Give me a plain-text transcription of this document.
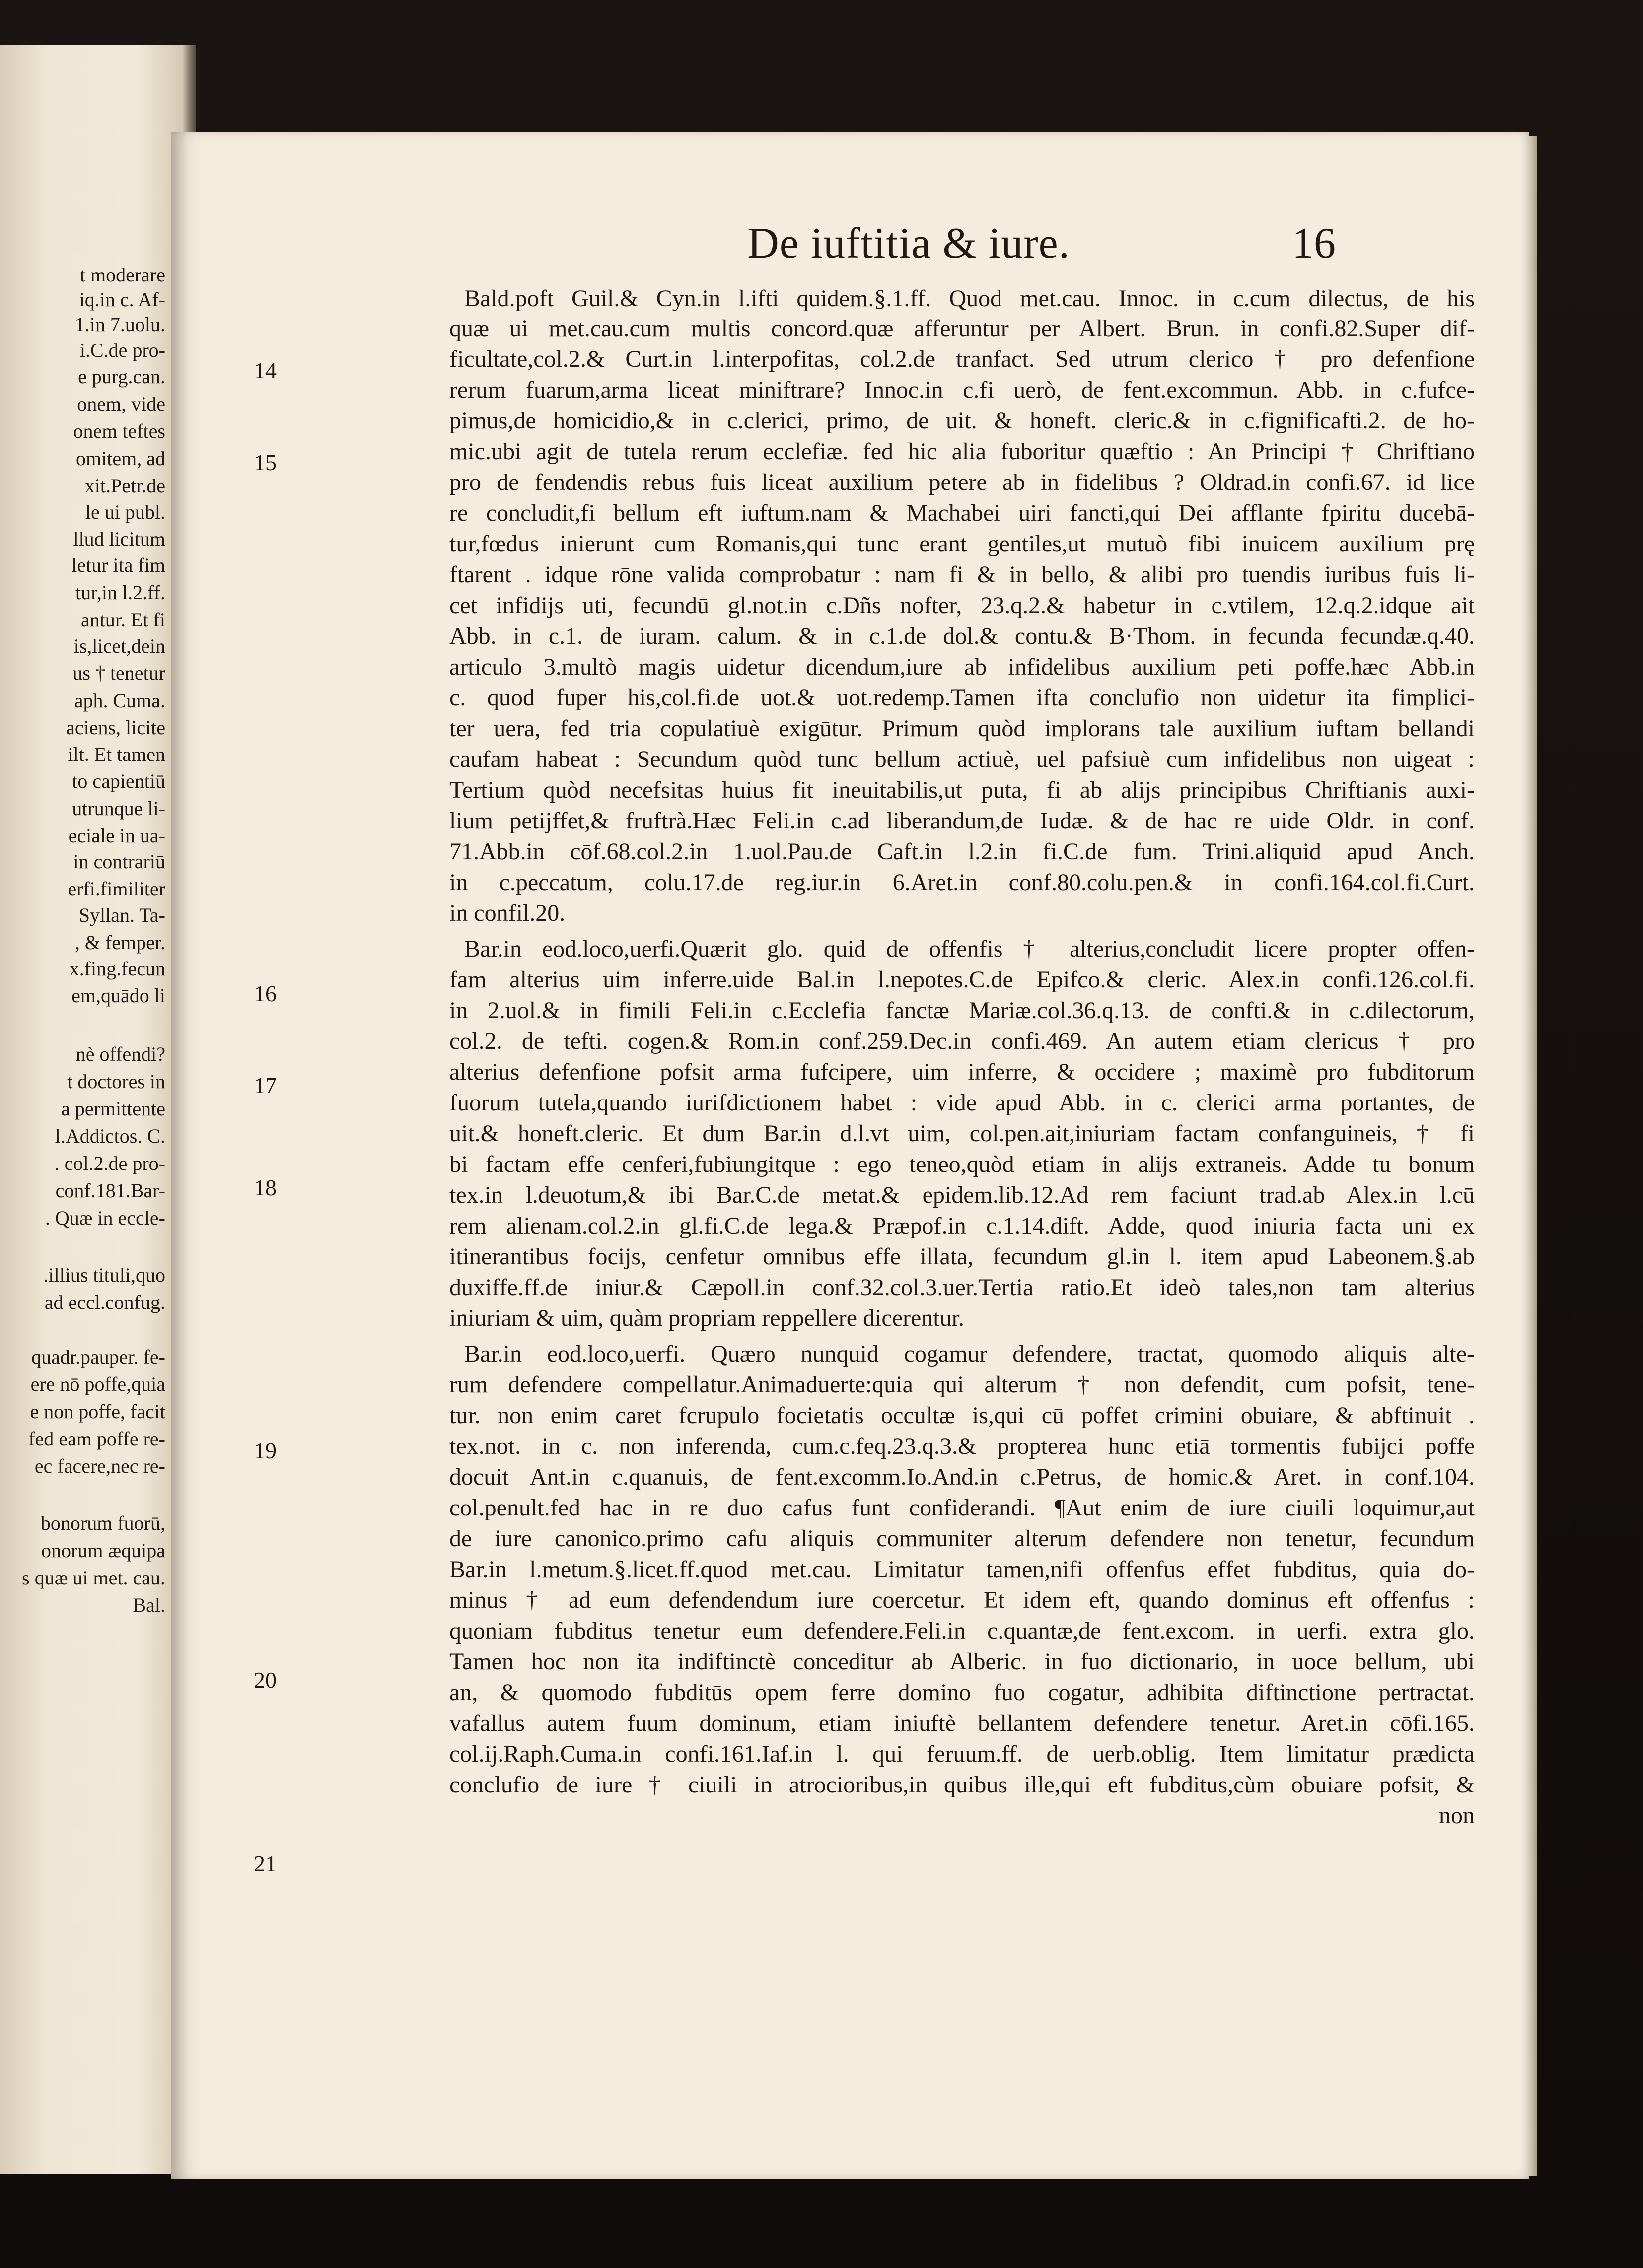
t moderare
iq.in c. Af-
1.in 7.uolu.
i.C.de pro-
e purg.can.
onem, vide
onem teftes
omitem, ad
xit.Petr.de
le ui publ.
llud licitum
letur ita fim
tur,in l.2.ff.
antur. Et fi
is,licet,dein
us † tenetur
aph. Cuma.
aciens, licite
ilt. Et tamen
to capientiū
utrunque li-
eciale in ua-
in contrariū
erfi.fimiliter
Syllan. Ta-
, & femper.
x.fing.fecun
em,quādo li
nè offendi?
t doctores in
a permittente
l.Addictos. C.
. col.2.de pro-
conf.181.Bar-
. Quæ in eccle-
.illius tituli,quo
ad eccl.confug.
quadr.pauper. fe-
ere nō poffe,quia
e non poffe, facit
fed eam poffe re-
ec facere,nec re-
bonorum fuorū,
onorum æquipa
s quæ ui met. cau.
Bal.
De iuftitia & iure.	16
14
15
16
17
18
19
20
21
Bald.poft Guil.& Cyn.in l.ifti quidem.§.1.ff. Quod met.cau. Innoc. in c.cum dilectus, de his
quæ ui met.cau.cum multis concord.quæ afferuntur per Albert. Brun. in confi.82.Super dif-
ficultate,col.2.& Curt.in l.interpofitas, col.2.de tranfact. Sed utrum clerico † pro defenfione
rerum fuarum,arma liceat miniftrare? Innoc.in c.fi uerò, de fent.excommun. Abb. in c.fufce-
pimus,de homicidio,& in c.clerici, primo, de uit. & honeft. cleric.& in c.fignificafti.2. de ho-
mic.ubi agit de tutela rerum ecclefiæ. fed hic alia fuboritur quæftio : An Principi † Chriftiano
pro de fendendis rebus fuis liceat auxilium petere ab in fidelibus ? Oldrad.in confi.67. id lice
re concludit,fi bellum eft iuftum.nam & Machabei uiri fancti,qui Dei afflante fpiritu ducebā-
tur,fœdus inierunt cum Romanis,qui tunc erant gentiles,ut mutuò fibi inuicem auxilium prę
ftarent . idque rōne valida comprobatur : nam fi & in bello, & alibi pro tuendis iuribus fuis li-
cet infidijs uti, fecundū gl.not.in c.Dñs nofter, 23.q.2.& habetur in c.vtilem, 12.q.2.idque ait
Abb. in c.1. de iuram. calum. & in c.1.de dol.& contu.& B·Thom. in fecunda fecundæ.q.40.
articulo 3.multò magis uidetur dicendum,iure ab infidelibus auxilium peti poffe.hæc Abb.in
c. quod fuper his,col.fi.de uot.& uot.redemp.Tamen ifta conclufio non uidetur ita fimplici-
ter uera, fed tria copulatiuè exigūtur. Primum quòd implorans tale auxilium iuftam bellandi
caufam habeat : Secundum quòd tunc bellum actiuè, uel pafsiuè cum infidelibus non uigeat :
Tertium quòd necefsitas huius fit ineuitabilis,ut puta, fi ab alijs principibus Chriftianis auxi-
lium petijffet,& fruftrà.Hæc Feli.in c.ad liberandum,de Iudæ. & de hac re uide Oldr. in conf.
71.Abb.in cōf.68.col.2.in 1.uol.Pau.de Caft.in l.2.in fi.C.de fum. Trini.aliquid apud Anch.
in c.peccatum, colu.17.de reg.iur.in 6.Aret.in conf.80.colu.pen.& in confi.164.col.fi.Curt.
in confil.20.
Bar.in eod.loco,uerfi.Quærit glo. quid de offenfis † alterius,concludit licere propter offen-
fam alterius uim inferre.uide Bal.in l.nepotes.C.de Epifco.& cleric. Alex.in confi.126.col.fi.
in 2.uol.& in fimili Feli.in c.Ecclefia fanctæ Mariæ.col.36.q.13. de confti.& in c.dilectorum,
col.2. de tefti. cogen.& Rom.in conf.259.Dec.in confi.469. An autem etiam clericus † pro
alterius defenfione pofsit arma fufcipere, uim inferre, & occidere ; maximè pro fubditorum
fuorum tutela,quando iurifdictionem habet : vide apud Abb. in c. clerici arma portantes, de
uit.& honeft.cleric. Et dum Bar.in d.l.vt uim, col.pen.ait,iniuriam factam confanguineis, † fi
bi factam effe cenferi,fubiungitque : ego teneo,quòd etiam in alijs extraneis. Adde tu bonum
tex.in l.deuotum,& ibi Bar.C.de metat.& epidem.lib.12.Ad rem faciunt trad.ab Alex.in l.cū
rem alienam.col.2.in gl.fi.C.de lega.& Præpof.in c.1.14.dift. Adde, quod iniuria facta uni ex
itinerantibus focijs, cenfetur omnibus effe illata, fecundum gl.in l. item apud Labeonem.§.ab
duxiffe.ff.de iniur.& Cæpoll.in conf.32.col.3.uer.Tertia ratio.Et ideò tales,non tam alterius
iniuriam & uim, quàm propriam reppellere dicerentur.
Bar.in eod.loco,uerfi. Quæro nunquid cogamur defendere, tractat, quomodo aliquis alte-
rum defendere compellatur.Animaduerte:quia qui alterum † non defendit, cum pofsit, tene-
tur. non enim caret fcrupulo focietatis occultæ is,qui cū poffet crimini obuiare, & abftinuit .
tex.not. in c. non inferenda, cum.c.feq.23.q.3.& propterea hunc etiā tormentis fubijci poffe
docuit Ant.in c.quanuis, de fent.excomm.Io.And.in c.Petrus, de homic.& Aret. in conf.104.
col.penult.fed hac in re duo cafus funt confiderandi. ¶Aut enim de iure ciuili loquimur,aut
de iure canonico.primo cafu aliquis communiter alterum defendere non tenetur, fecundum
Bar.in l.metum.§.licet.ff.quod met.cau. Limitatur tamen,nifi offenfus effet fubditus, quia do-
minus † ad eum defendendum iure coercetur. Et idem eft, quando dominus eft offenfus :
quoniam fubditus tenetur eum defendere.Feli.in c.quantæ,de fent.excom. in uerfi. extra glo.
Tamen hoc non ita indiftinctè conceditur ab Alberic. in fuo dictionario, in uoce bellum, ubi
an, & quomodo fubditūs opem ferre domino fuo cogatur, adhibita diftinctione pertractat.
vafallus autem fuum dominum, etiam iniuftè bellantem defendere tenetur. Aret.in cōfi.165.
col.ij.Raph.Cuma.in confi.161.Iaf.in l. qui feruum.ff. de uerb.oblig. Item limitatur prædicta
conclufio de iure † ciuili in atrocioribus,in quibus ille,qui eft fubditus,cùm obuiare pofsit, &
non
